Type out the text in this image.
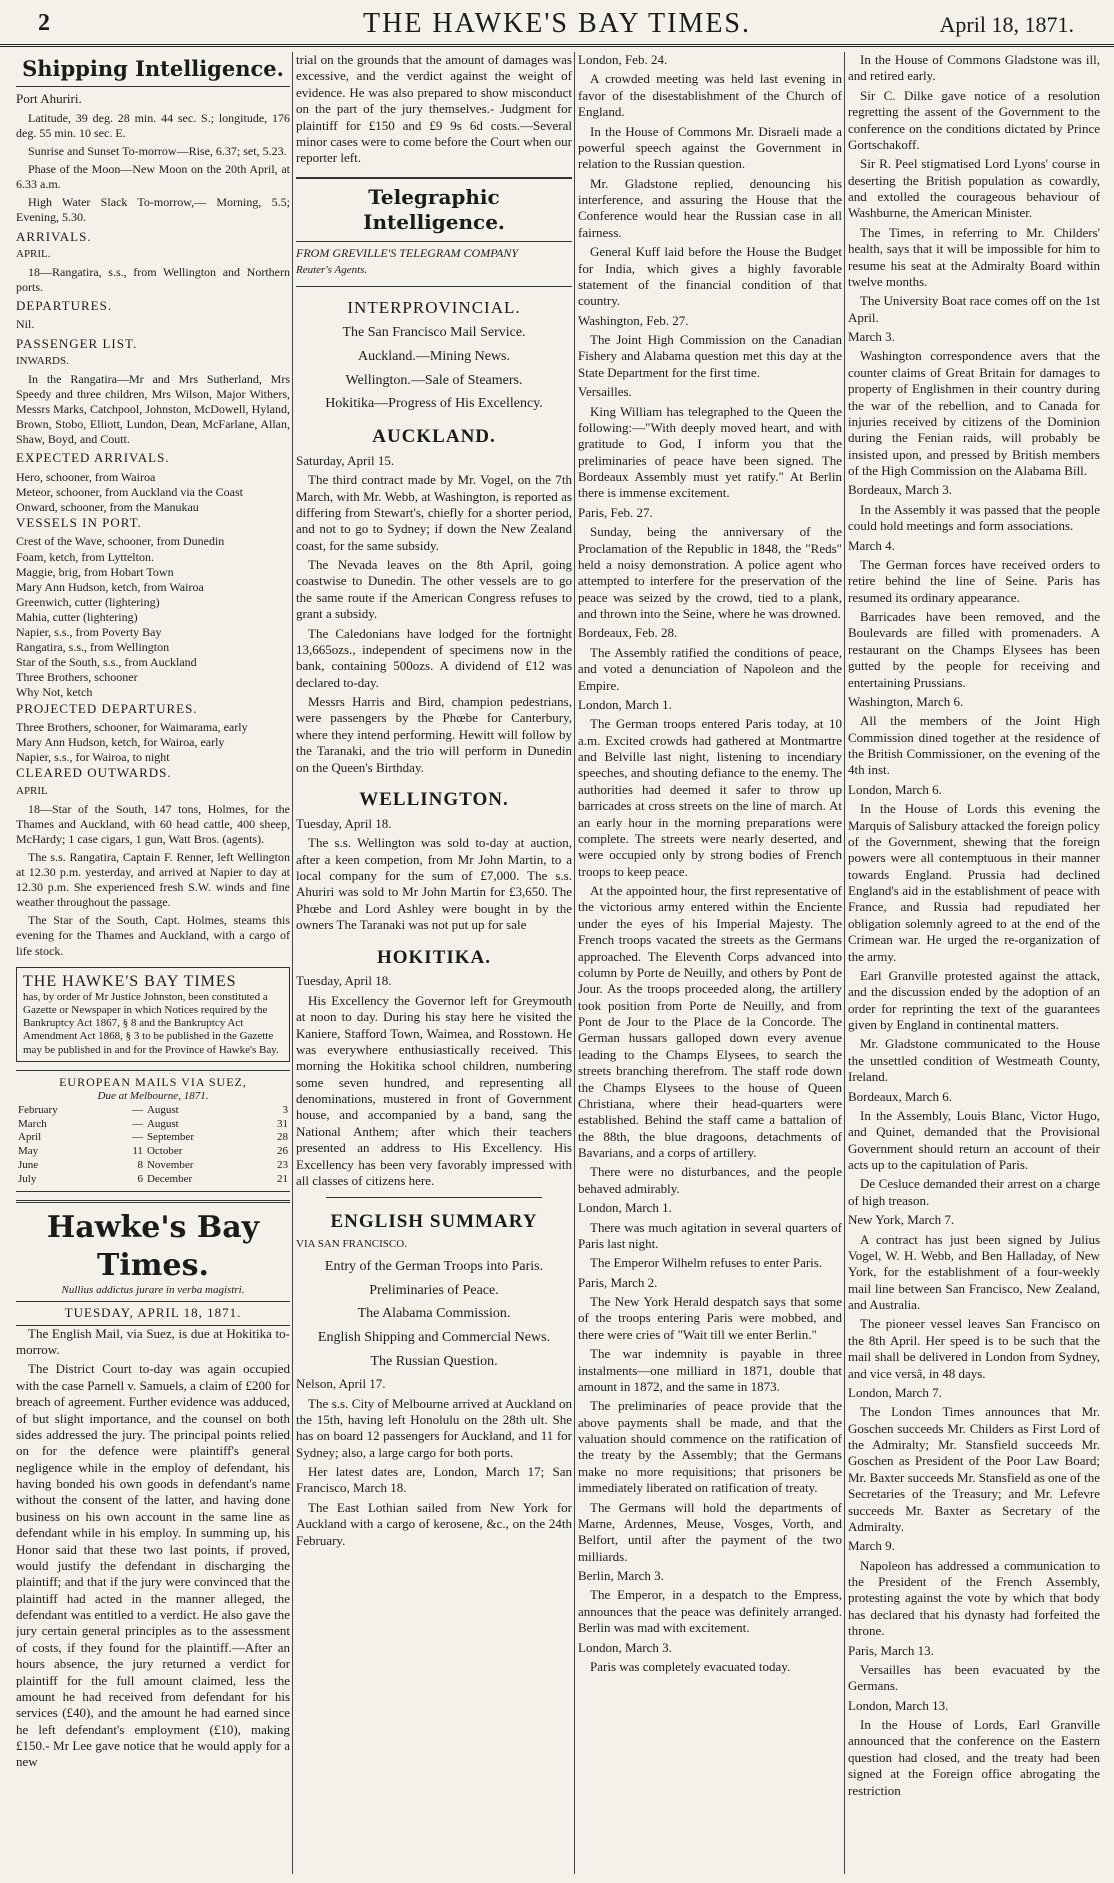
2	THE HAWKE'S BAY TIMES.	April 18, 1871.
Shipping Intelligence.

Port Ahuriri.

Latitude, 39 deg. 28 min. 44 sec. S.; longitude, 176 deg. 55 min. 10 sec. E.

Sunrise and Sunset To-morrow—Rise, 6.37; set, 5.23.

Phase of the Moon—New Moon on the 20th April, at 6.33 a.m.

High Water Slack To-morrow,— Morning, 5.5; Evening, 5.30.

ARRIVALS.

APRIL.

18—Rangatira, s.s., from Wellington and Northern ports.

DEPARTURES.

Nil.

PASSENGER LIST.

INWARDS.

In the Rangatira—Mr and Mrs Sutherland, Mrs Speedy and three children, Mrs Wilson, Major Withers, Messrs Marks, Catchpool, Johnston, McDowell, Hyland, Brown, Stobo, Elliott, Lundon, Dean, McFarlane, Allan, Shaw, Boyd, and Coutt.

EXPECTED ARRIVALS.

Hero, schooner, from Wairoa
Meteor, schooner, from Auckland via the Coast
Onward, schooner, from the Manukau

VESSELS IN PORT.

Crest of the Wave, schooner, from Dunedin
Foam, ketch, from Lyttelton.
Maggie, brig, from Hobart Town
Mary Ann Hudson, ketch, from Wairoa
Greenwich, cutter (lightering)
Mahia, cutter (lightering)
Napier, s.s., from Poverty Bay
Rangatira, s.s., from Wellington
Star of the South, s.s., from Auckland
Three Brothers, schooner
Why Not, ketch

PROJECTED DEPARTURES.

Three Brothers, schooner, for Waimarama, early
Mary Ann Hudson, ketch, for Wairoa, early
Napier, s.s., for Wairoa, to night

CLEARED OUTWARDS.

APRIL

18—Star of the South, 147 tons, Holmes, for the Thames and Auckland, with 60 head cattle, 400 sheep, McHardy; 1 case cigars, 1 gun, Watt Bros. (agents).

The s.s. Rangatira, Captain F. Renner, left Wellington at 12.30 p.m. yesterday, and arrived at Napier to day at 12.30 p.m. She experienced fresh S.W. winds and fine weather throughout the passage.

The Star of the South, Capt. Holmes, steams this evening for the Thames and Auckland, with a cargo of life stock.

THE HAWKE'S BAY TIMES
has, by order of Mr Justice Johnston, been constituted a Gazette or Newspaper in which Notices required by the Bankruptcy Act 1867, § 8 and the Bankruptcy Act Amendment Act 1868, § 3 to be published in the Gazette may be published in and for the Province of Hawke's Bay.
EUROPEAN MAILS VIA SUEZ,
Due at Melbourne, 1871.
February	—	August	3
March	—	August	31
April	—	September	28
May	11	October	26
June	8	November	23
July	6	December	21
Hawke's Bay Times.
Nullius addictus jurare in verba magistri.
TUESDAY, APRIL 18, 1871.

The English Mail, via Suez, is due at Hokitika to-morrow.

The District Court to-day was again occupied with the case Parnell v. Samuels, a claim of £200 for breach of agreement. Further evidence was adduced, of but slight importance, and the counsel on both sides addressed the jury. The principal points relied on for the defence were plaintiff's general negligence while in the employ of defendant, his having bonded his own goods in defendant's name without the consent of the latter, and having done business on his own account in the same line as defendant while in his employ. In summing up, his Honor said that these two last points, if proved, would justify the defendant in discharging the plaintiff; and that if the jury were convinced that the plaintiff had acted in the manner alleged, the defendant was entitled to a verdict. He also gave the jury certain general principles as to the assessment of costs, if they found for the plaintiff.—After an hours absence, the jury returned a verdict for plaintiff for the full amount claimed, less the amount he had received from defendant for his services (£40), and the amount he had earned since he left defendant's employment (£10), making £150.- Mr Lee gave notice that he would apply for a new

trial on the grounds that the amount of damages was excessive, and the verdict against the weight of evidence. He was also prepared to show misconduct on the part of the jury themselves.- Judgment for plaintiff for £150 and £9 9s 6d costs.—Several minor cases were to come before the Court when our reporter left.

Telegraphic Intelligence.

FROM GREVILLE'S TELEGRAM COMPANY

Reuter's Agents.

INTERPROVINCIAL.
The San Francisco Mail Service.
Auckland.—Mining News.
Wellington.—Sale of Steamers.
Hokitika—Progress of His Excellency.
AUCKLAND.

Saturday, April 15.

The third contract made by Mr. Vogel, on the 7th March, with Mr. Webb, at Washington, is reported as differing from Stewart's, chiefly for a shorter period, and not to go to Sydney; if down the New Zealand coast, for the same subsidy.

The Nevada leaves on the 8th April, going coastwise to Dunedin. The other vessels are to go the same route if the American Congress refuses to grant a subsidy.

The Caledonians have lodged for the fortnight 13,665ozs., independent of specimens now in the bank, containing 500ozs. A dividend of £12 was declared to-day.

Messrs Harris and Bird, champion pedestrians, were passengers by the Phœbe for Canterbury, where they intend performing. Hewitt will follow by the Taranaki, and the trio will perform in Dunedin on the Queen's Birthday.

WELLINGTON.

Tuesday, April 18.

The s.s. Wellington was sold to-day at auction, after a keen competion, from Mr John Martin, to a local company for the sum of £7,000. The s.s. Ahuriri was sold to Mr John Martin for £3,650. The Phœbe and Lord Ashley were bought in by the owners The Taranaki was not put up for sale

HOKITIKA.

Tuesday, April 18.

His Excellency the Governor left for Greymouth at noon to day. During his stay here he visited the Kaniere, Stafford Town, Waimea, and Rosstown. He was everywhere enthusiastically received. This morning the Hokitika school children, numbering some seven hundred, and representing all denominations, mustered in front of Government house, and accompanied by a band, sang the National Anthem; after which their teachers presented an address to His Excellency. His Excellency has been very favorably impressed with all classes of citizens here.

ENGLISH SUMMARY

VIA SAN FRANCISCO.

Entry of the German Troops into Paris.
Preliminaries of Peace.
The Alabama Commission.
English Shipping and Commercial News.
The Russian Question.

Nelson, April 17.

The s.s. City of Melbourne arrived at Auckland on the 15th, having left Honolulu on the 28th ult. She has on board 12 passengers for Auckland, and 11 for Sydney; also, a large cargo for both ports.

Her latest dates are, London, March 17; San Francisco, March 18.

The East Lothian sailed from New York for Auckland with a cargo of kerosene, &c., on the 24th February.

London, Feb. 24.

A crowded meeting was held last evening in favor of the disestablishment of the Church of England.

In the House of Commons Mr. Disraeli made a powerful speech against the Government in relation to the Russian question.

Mr. Gladstone replied, denouncing his interference, and assuring the House that the Conference would hear the Russian case in all fairness.

General Kuff laid before the House the Budget for India, which gives a highly favorable statement of the financial condition of that country.

Washington, Feb. 27.

The Joint High Commission on the Canadian Fishery and Alabama question met this day at the State Department for the first time.

Versailles.

King William has telegraphed to the Queen the following:—"With deeply moved heart, and with gratitude to God, I inform you that the preliminaries of peace have been signed. The Bordeaux Assembly must yet ratify." At Berlin there is immense excitement.

Paris, Feb. 27.

Sunday, being the anniversary of the Proclamation of the Republic in 1848, the "Reds" held a noisy demonstration. A police agent who attempted to interfere for the preservation of the peace was seized by the crowd, tied to a plank, and thrown into the Seine, where he was drowned.

Bordeaux, Feb. 28.

The Assembly ratified the conditions of peace, and voted a denunciation of Napoleon and the Empire.

London, March 1.

The German troops entered Paris today, at 10 a.m. Excited crowds had gathered at Montmartre and Belville last night, listening to incendiary speeches, and shouting defiance to the enemy. The authorities had deemed it safer to throw up barricades at cross streets on the line of march. At an early hour in the morning preparations were complete. The streets were nearly deserted, and were occupied only by strong bodies of French troops to keep peace.

At the appointed hour, the first representative of the victorious army entered within the Enciente under the eyes of his Imperial Majesty. The French troops vacated the streets as the Germans approached. The Eleventh Corps advanced into column by Porte de Neuilly, and others by Pont de Jour. As the troops proceeded along, the artillery took position from Porte de Neuilly, and from Pont de Jour to the Place de la Concorde. The German hussars galloped down every avenue leading to the Champs Elysees, to search the streets branching therefrom. The staff rode down the Champs Elysees to the house of Queen Christiana, where their head-quarters were established. Behind the staff came a battalion of the 88th, the blue dragoons, detachments of Bavarians, and a corps of artillery.

There were no disturbances, and the people behaved admirably.

London, March 1.

There was much agitation in several quarters of Paris last night.

The Emperor Wilhelm refuses to enter Paris.

Paris, March 2.

The New York Herald despatch says that some of the troops entering Paris were mobbed, and there were cries of "Wait till we enter Berlin."

The war indemnity is payable in three instalments—one milliard in 1871, double that amount in 1872, and the same in 1873.

The preliminaries of peace provide that the above payments shall be made, and that the valuation should commence on the ratification of the treaty by the Assembly; that the Germans make no more requisitions; that prisoners be immediately liberated on ratification of treaty.

The Germans will hold the departments of Marne, Ardennes, Meuse, Vosges, Vorth, and Belfort, until after the payment of the two milliards.

Berlin, March 3.

The Emperor, in a despatch to the Empress, announces that the peace was definitely arranged. Berlin was mad with excitement.

London, March 3.

Paris was completely evacuated today.

In the House of Commons Gladstone was ill, and retired early.

Sir C. Dilke gave notice of a resolution regretting the assent of the Government to the conference on the conditions dictated by Prince Gortschakoff.

Sir R. Peel stigmatised Lord Lyons' course in deserting the British population as cowardly, and extolled the courageous behaviour of Washburne, the American Minister.

The Times, in referring to Mr. Childers' health, says that it will be impossible for him to resume his seat at the Admiralty Board within twelve months.

The University Boat race comes off on the 1st April.

March 3.

Washington correspondence avers that the counter claims of Great Britain for damages to property of Englishmen in their country during the war of the rebellion, and to Canada for injuries received by citizens of the Dominion during the Fenian raids, will probably be insisted upon, and pressed by British members of the High Commission on the Alabama Bill.

Bordeaux, March 3.

In the Assembly it was passed that the people could hold meetings and form associations.

March 4.

The German forces have received orders to retire behind the line of Seine. Paris has resumed its ordinary appearance.

Barricades have been removed, and the Boulevards are filled with promenaders. A restaurant on the Champs Elysees has been gutted by the people for receiving and entertaining Prussians.

Washington, March 6.

All the members of the Joint High Commission dined together at the residence of the British Commissioner, on the evening of the 4th inst.

London, March 6.

In the House of Lords this evening the Marquis of Salisbury attacked the foreign policy of the Government, shewing that the foreign powers were all contemptuous in their manner towards England. Prussia had declined England's aid in the establishment of peace with France, and Russia had repudiated her obligation solemnly agreed to at the end of the Crimean war. He urged the re-organization of the army.

Earl Granville protested against the attack, and the discussion ended by the adoption of an order for reprinting the text of the guarantees given by England in continental matters.

Mr. Gladstone communicated to the House the unsettled condition of Westmeath County, Ireland.

Bordeaux, March 6.

In the Assembly, Louis Blanc, Victor Hugo, and Quinet, demanded that the Provisional Government should return an account of their acts up to the capitulation of Paris.

De Cesluce demanded their arrest on a charge of high treason.

New York, March 7.

A contract has just been signed by Julius Vogel, W. H. Webb, and Ben Halladay, of New York, for the establishment of a four-weekly mail line between San Francisco, New Zealand, and Australia.

The pioneer vessel leaves San Francisco on the 8th April. Her speed is to be such that the mail shall be delivered in London from Sydney, and vice versâ, in 48 days.

London, March 7.

The London Times announces that Mr. Goschen succeeds Mr. Childers as First Lord of the Admiralty; Mr. Stansfield succeeds Mr. Goschen as President of the Poor Law Board; Mr. Baxter succeeds Mr. Stansfield as one of the Secretaries of the Treasury; and Mr. Lefevre succeeds Mr. Baxter as Secretary of the Admiralty.

March 9.

Napoleon has addressed a communication to the President of the French Assembly, protesting against the vote by which that body has declared that his dynasty had forfeited the throne.

Paris, March 13.

Versailles has been evacuated by the Germans.

London, March 13.

In the House of Lords, Earl Granville announced that the conference on the Eastern question had closed, and the treaty had been signed at the Foreign office abrogating the restriction
